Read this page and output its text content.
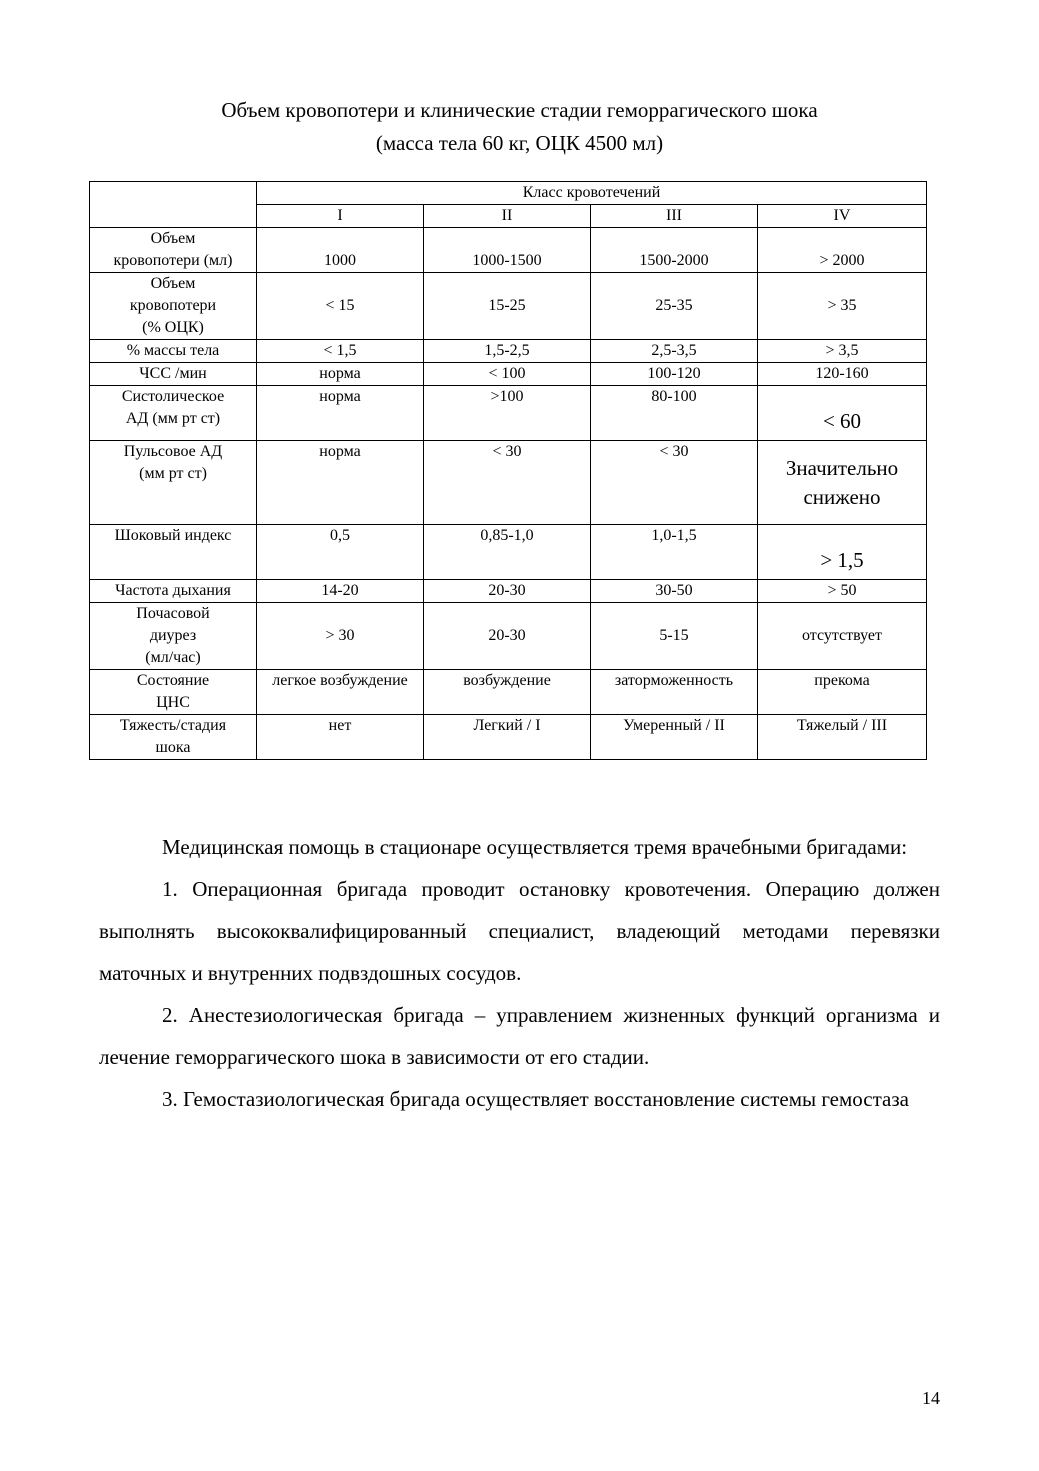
Объем кровопотери и клинические стадии геморрагического шока
(масса тела 60 кг, ОЦК 4500 мл)
	Класс кровотечений			
	I	II	III	IV

Объем
кровопотери (мл)	1000	1000-1500	1500-2000	> 2000

Объем
кровопотери
(% ОЦК)	< 15	15-25	25-35	> 35

% массы тела	< 1,5	1,5-2,5	2,5-3,5	> 3,5

ЧСС /мин	норма	< 100	100-120	120-160

Систолическое
АД (мм рт ст)	норма	>100	80-100	< 60

Пульсовое АД
(мм рт ст)	норма	< 30	< 30	Значительно снижено

Шоковый индекс	0,5	0,85-1,0	1,0-1,5	> 1,5

Частота дыхания	14-20	20-30	30-50	> 50

Почасовой
диурез
(мл/час)	> 30	20-30	5-15	отсутствует

Состояние
ЦНС	легкое возбуждение	возбуждение	заторможенность	прекома

Тяжесть/стадия
шока	нет	Легкий / I	Умеренный / II	Тяжелый / III

Медицинская помощь в стационаре осуществляется тремя врачебными бригадами:

1. Операционная бригада проводит остановку кровотечения. Операцию должен выполнять высококвалифицированный специалист, владеющий методами перевязки маточных и внутренних подвздошных сосудов.

2. Анестезиологическая бригада – управлением жизненных функций организма и лечение геморрагического шока в зависимости от его стадии.

3. Гемостазиологическая бригада осуществляет восстановление системы гемостаза

14
